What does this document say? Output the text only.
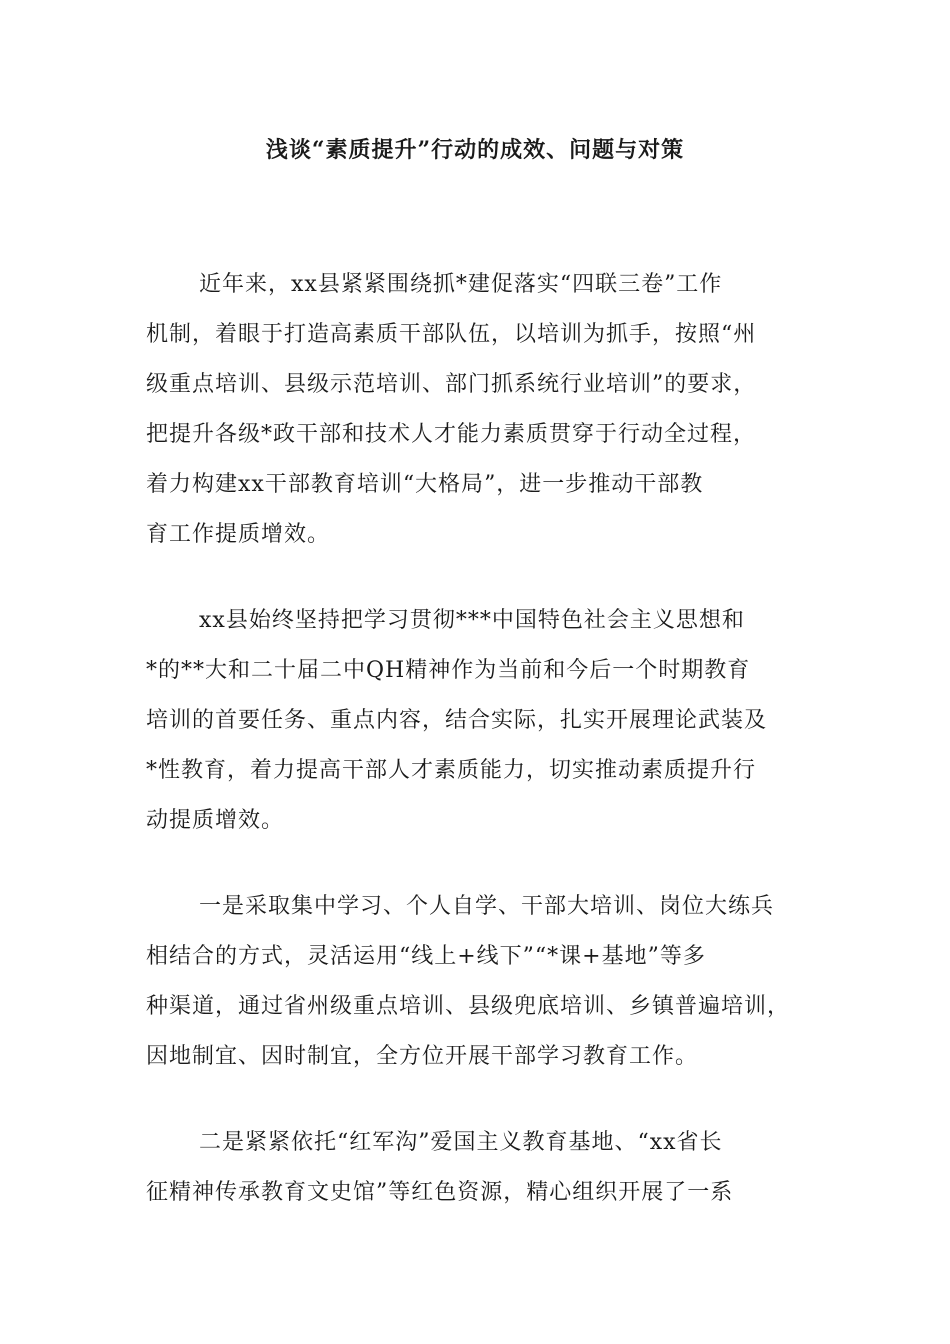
浅谈“素质提升”行动的成效、问题与对策
近年来，xx县紧紧围绕抓*建促落实“四联三卷”工作
机制，着眼于打造高素质干部队伍，以培训为抓手，按照“州
级重点培训、县级示范培训、部门抓系统行业培训”的要求，
把提升各级*政干部和技术人才能力素质贯穿于行动全过程，
着力构建xx干部教育培训“大格局”，进一步推动干部教
育工作提质增效。
xx县始终坚持把学习贯彻***中国特色社会主义思想和
*的**大和二十届二中QH精神作为当前和今后一个时期教育
培训的首要任务、重点内容，结合实际，扎实开展理论武装及
*性教育，着力提高干部人才素质能力，切实推动素质提升行
动提质增效。
一是采取集中学习、个人自学、干部大培训、岗位大练兵
相结合的方式，灵活运用“线上+线下”“*课+基地”等多
种渠道，通过省州级重点培训、县级兜底培训、乡镇普遍培训，
因地制宜、因时制宜，全方位开展干部学习教育工作。
二是紧紧依托“红军沟”爱国主义教育基地、“xx省长
征精神传承教育文史馆”等红色资源，精心组织开展了一系
